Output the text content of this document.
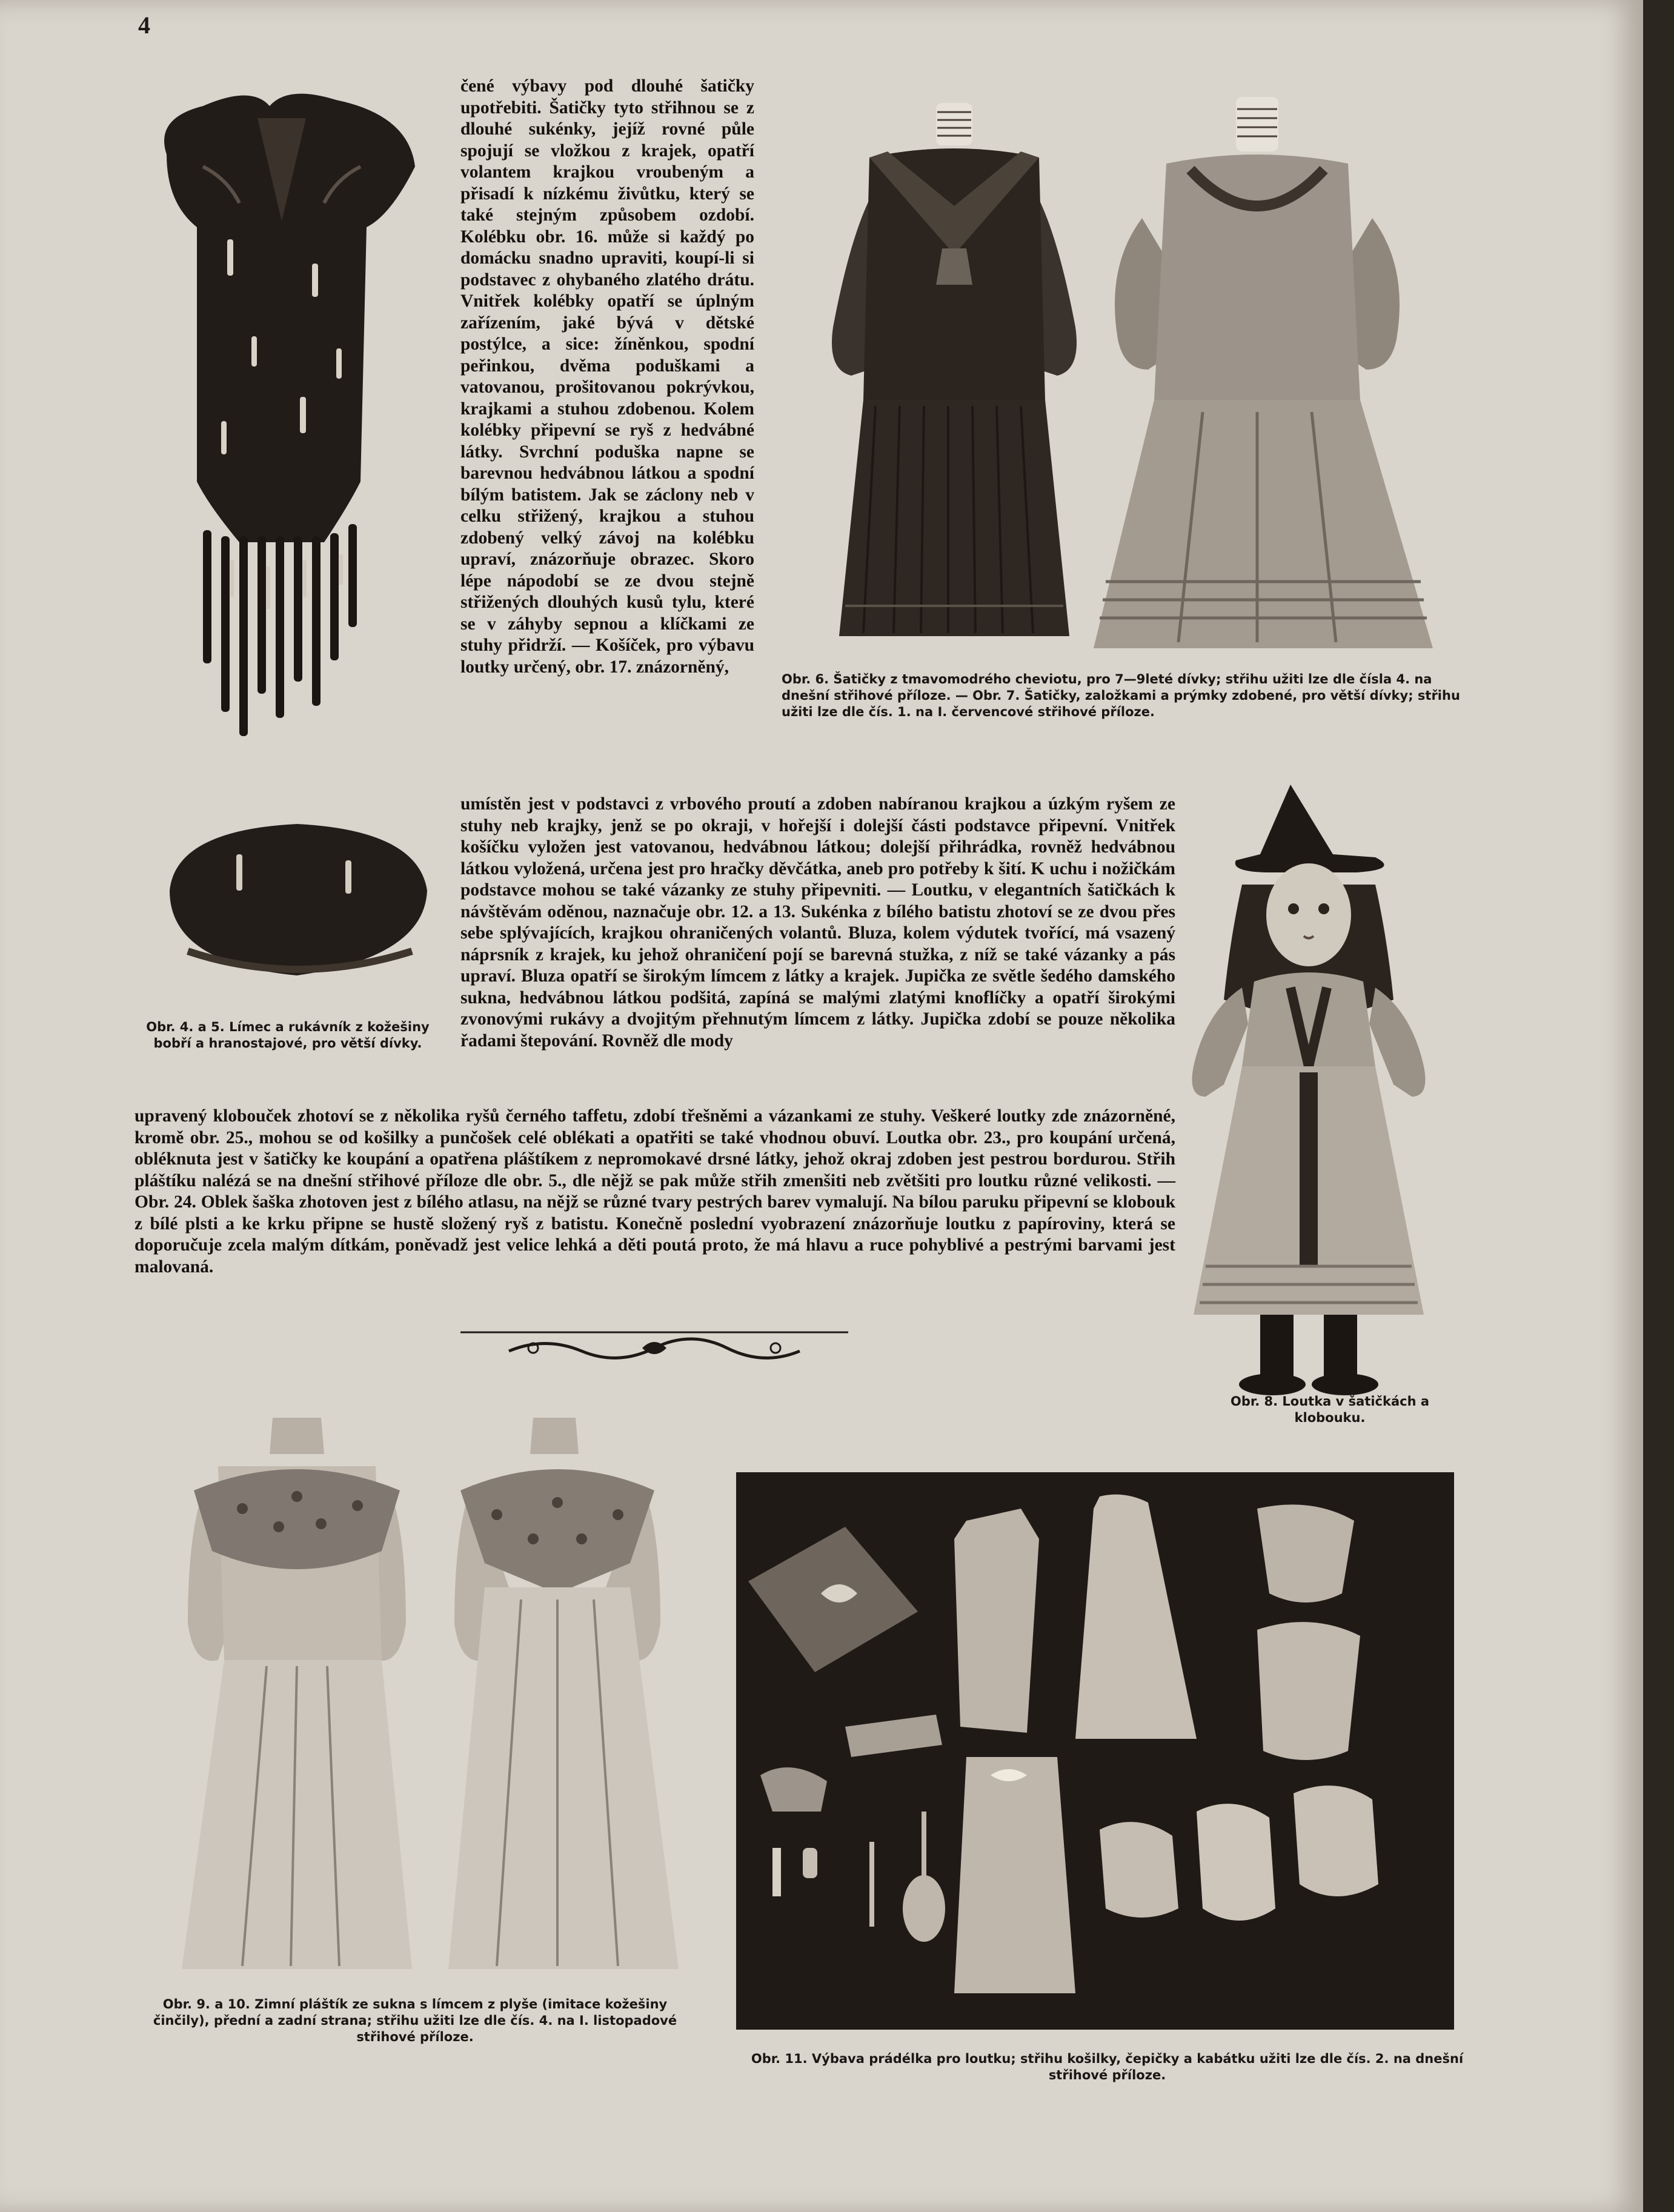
4
Obr. 4. a 5. Límec a rukávník z kožešiny bobří a hranostajové, pro větší dívky.
čené výbavy pod dlouhé šatičky upotřebiti. Šatičky tyto střihnou se z dlouhé sukénky, jejíž rovné půle spojují se vložkou z krajek, opatří volantem krajkou vroubeným a přisadí k nízkému živůtku, který se také stejným způsobem ozdobí. Kolébku obr. 16. může si každý po domácku snadno upraviti, koupí-li si podstavec z ohybaného zlatého drátu. Vnitřek kolébky opatří se úplným zařízením, jaké bývá v dětské postýlce, a sice: žíněnkou, spodní peřinkou, dvěma poduškami a vatovanou, prošitovanou pokrývkou, krajkami a stuhou zdobenou. Kolem kolébky připevní se ryš z hedvábné látky. Svrchní poduška napne se barevnou hedvábnou látkou a spodní bílým batistem. Jak se záclony neb v celku střižený, krajkou a stuhou zdobený velký závoj na kolébku upraví, znázorňuje obrazec. Skoro lépe nápodobí se ze dvou stejně střižených dlouhých kusů tylu, které se v záhyby sepnou a klíčkami ze stuhy přidrží. — Košíček, pro výbavu loutky určený, obr. 17. znázorněný,
Obr. 6. Šatičky z tmavomodrého cheviotu, pro 7—9leté dívky; střihu užiti lze dle čísla 4. na dnešní střihové příloze. — Obr. 7. Šatičky, založkami a prýmky zdobené, pro větší dívky; střihu užiti lze dle čís. 1. na I. červencové střihové příloze.
umístěn jest v podstavci z vrbového proutí a zdoben nabíranou krajkou a úzkým ryšem ze stuhy neb krajky, jenž se po okraji, v hořejší i dolejší části podstavce připevní. Vnitřek košíčku vyložen jest vatovanou, hedvábnou látkou; dolejší přihrádka, rovněž hedvábnou látkou vyložená, určena jest pro hračky děvčátka, aneb pro potřeby k šití. K uchu i nožičkám podstavce mohou se také vázanky ze stuhy připevniti. — Loutku, v elegantních šatičkách k návštěvám oděnou, naznačuje obr. 12. a 13. Sukénka z bílého batistu zhotoví se ze dvou přes sebe splývajících, krajkou ohraničených volantů. Bluza, kolem výdutek tvořící, má vsazený náprsník z krajek, ku jehož ohraničení pojí se barevná stužka, z níž se také vázanky a pás upraví. Bluza opatří se širokým límcem z látky a krajek. Jupička ze světle šedého damského sukna, hedvábnou látkou podšitá, zapíná se malými zlatými knoflíčky a opatří širokými zvonovými rukávy a dvojitým přehnutým límcem z látky. Jupička zdobí se pouze několika řadami štepování. Rovněž dle mody
Obr. 8. Loutka v šatičkách a klobouku.
upravený klobouček zhotoví se z několika ryšů černého taffetu, zdobí třešněmi a vázankami ze stuhy. Veškeré loutky zde znázorněné, kromě obr. 25., mohou se od košilky a punčošek celé oblékati a opatřiti se také vhodnou obuví. Loutka obr. 23., pro koupání určená, obléknuta jest v šatičky ke koupání a opatřena pláštíkem z nepromokavé drsné látky, jehož okraj zdoben jest pestrou bordurou. Střih pláštíku nalézá se na dnešní střihové příloze dle obr. 5., dle nějž se pak může střih zmenšiti neb zvětšiti pro loutku různé velikosti. — Obr. 24. Oblek šaška zhotoven jest z bílého atlasu, na nějž se různé tvary pestrých barev vymalují. Na bílou paruku připevní se klobouk z bílé plsti a ke krku připne se hustě složený ryš z batistu. Konečně poslední vyobrazení znázorňuje loutku z papíroviny, která se doporučuje zcela malým dítkám, poněvadž jest velice lehká a děti poutá proto, že má hlavu a ruce pohyblivé a pestrými barvami jest malovaná.
Obr. 9. a 10. Zimní pláštík ze sukna s límcem z plyše (imitace kožešiny činčily), přední a zadní strana; střihu užiti lze dle čís. 4. na I. listopadové střihové příloze.
Obr. 11. Výbava prádélka pro loutku; střihu košilky, čepičky a kabátku užiti lze dle čís. 2. na dnešní střihové příloze.
